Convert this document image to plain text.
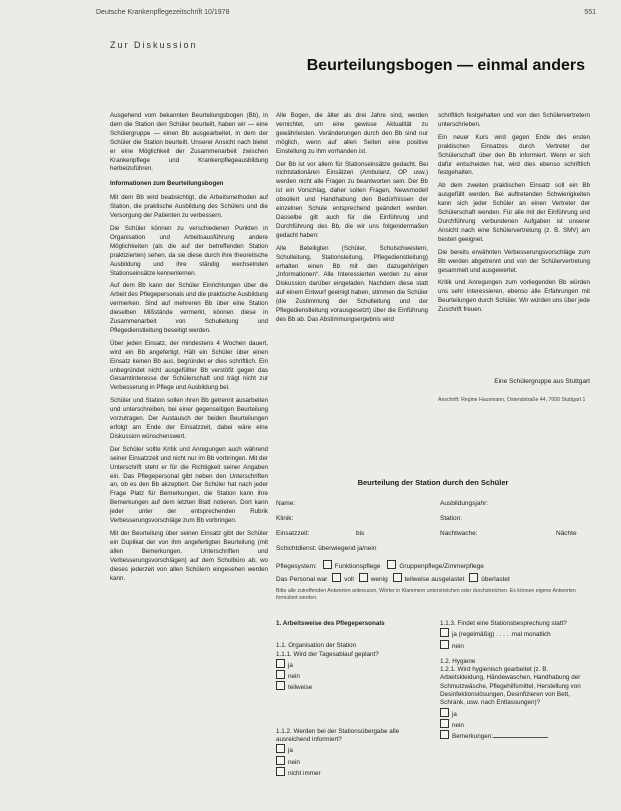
Deutsche Krankenpflegezeitschrift 10/1978	551
Zur Diskussion
Beurteilungsbogen — einmal anders

Ausgehend vom bekannten Beurteilungsbogen (Bb), in dem die Station den Schüler beurteilt, haben wir — eine Schülergruppe — einen Bb ausgearbeitet, in dem der Schüler die Station beurteilt. Unserer Ansicht nach bietet er eine Möglichkeit der Zusammenarbeit zwischen Krankenpflege und Krankenpflegeausbildung herbeizuführen.

Informationen zum Beurteilungsbogen

Mit dem Bb wird beabsichtigt, die Arbeitsmethoden auf Station, die praktische Ausbildung des Schülers und die Versorgung der Patienten zu verbessern.

Die Schüler können zu verschiedenen Punkten in Organisation und Arbeitsausführung andere Möglichkeiten (als die auf der betreffenden Station praktizierten) sehen, da sie diese durch ihre theoretische Ausbildung und ihre ständig wechselnden Stationseinsätze kennenlernen.

Auf dem Bb kann der Schüler Einrichtungen über die Arbeit des Pflegepersonals und die praktische Ausbildung vermerken. Sind auf mehreren Bb über eine Station dieselben Mißstände vermerkt, können diese in Zusammenarbeit von Schulleitung und Pflegedienstleitung beseitigt werden.

Über jeden Einsatz, der mindestens 4 Wochen dauert, wird ein Bb angefertigt. Hält ein Schüler über einen Einsatz keinen Bb aus, begründet er dies schriftlich. Ein unbegründet nicht ausgefüllter Bb verstößt gegen das Gesamtinteresse der Schülerschaft und trägt nicht zur Verbesserung in Pflege und Ausbildung bei.

Schüler und Station sollen ihren Bb getrennt ausarbeiten und unterschreiben, bei einer gegenseitigen Beurteilung vorzutragen. Der Austausch der beiden Beurteilungen erfolgt am Ende der Einsatzzeit, dabei wäre eine Diskussion wünschenswert.

Der Schüler sollte Kritik und Anregungen auch während seiner Einsatzzeit und nicht nur im Bb vorbringen. Mit der Unterschrift steht er für die Richtigkeit seiner Angaben ein. Das Pflegepersonal gibt neben den Unterschriften an, ob es den Bb akzeptiert. Der Schüler hat nach jeder Frage Platz für Bemerkungen, die Station kann ihre Bemerkungen auf dem letzten Blatt notieren. Dort kann jeder unter der entsprechenden Rubrik Verbesserungsvorschläge zum Bb vorbringen.

Mit der Beurteilung über seinen Einsatz gibt der Schüler ein Duplikat der von ihm angefertigten Beurteilung (mit allen Bemerkungen, Unterschriften und Verbesserungsvorschlägen) auf dem Schulbüro ab, wo dieses jederzeit von allen Schülern eingesehen werden kann.

Alle Bogen, die älter als drei Jahre sind, werden vernichtet, um eine gewisse Aktualität zu gewährleisten. Veränderungen durch den Bb sind nur möglich, wenn auf allen Seiten eine positive Einstellung zu ihm vorhanden ist.

Der Bb ist vor allem für Stationseinsätze gedacht. Bei nichtstationären Einsätzen (Ambulanz, OP usw.) werden nicht alle Fragen zu beantworten sein. Der Bb ist ein Vorschlag, daher sollen Fragen, Newsmodell obsoliert und Handhabung den Bedürfnissen der einzelnen Schule entsprechend geändert werden. Dasselbe gilt auch für die Einführung und Durchführung des Bb, die wir uns folgendermaßen gedacht haben:

Alle Beteiligten (Schüler, Schulschwestern, Schulleitung, Stationsleitung, Pflegedienstleitung) erhalten einen Bb mit den dazugehörigen „Informationen“. Alle Interessierten werden zu einer Diskussion darüber eingeladen. Nachdem diese statt auf einem Entwurf geeinigt haben, stimmen die Schüler (die Zustimmung der Schulleitung und der Pflegedienstleitung vorausgesetzt) über die Einführung des Bb ab. Das Abstimmungsergebnis wird

schriftlich festgehalten und von den Schülervertretern unterschrieben.

Ein neuer Kurs wird gegen Ende des ersten praktischen Einsatzes durch Vertreter der Schülerschaft über den Bb informiert. Wenn er sich dafür entscheiden hat, wird dies ebenso schriftlich festgehalten.

Ab dem zweiten praktischen Einsatz soll ein Bb ausgefüllt werden. Bei auftretenden Schwierigkeiten kann sich jeder Schüler an einen Vertreter der Schülerschaft wenden. Für alle mit der Einführung und Durchführung verbundenen Aufgaben ist unserer Ansicht nach eine Schülervertretung (z. B. SMV) am besten geeignet.

Die bereits erwähnten Verbesserungsvorschläge zum Bb werden abgetrennt und von der Schülervertretung gesammelt und ausgewertet.

Kritik und Anregungen zum vorliegenden Bb würden uns sehr interessieren, ebenso alle Erfahrungen mit Beurteilungen durch Schüler. Wir würden uns über jede Zuschrift freuen.

Eine Schülergruppe aus Stuttgart
Anschrift: Regine Hausmann, Ostendstraße 44, 7000 Stuttgart 1
Beurteilung der Station durch den Schüler
Name:	Ausbildungsjahr:
Klinik:	Station:
Einsatzzeit:	bis	Nachtwache:	Nächte
Schichtdienst: überwiegend ja/nein
Pflegesystem:	Funktionspflege	Gruppenpflege/Zimmerpflege
Das Personal war	voll	wenig	teilweise ausgelastet	überlastet
Bitte alle zutreffenden Antworten ankreuzen, Wörter in Klammern unterstreichen oder durchstreichen. Es können eigene Antworten formuliert werden.
1. Arbeitsweise des Pflegepersonals
1.1. Organisation der Station
1.1.1. Wird der Tagesablauf geplant?
ja
nein
teilweise
1.1.2. Werden bei der Stationsübergabe alle ausreichend informiert?
ja
nein
nicht immer
1.1.3. Findet eine Stationsbesprechung statt?
ja (regelmäßig) . . . . .mal monatlich
nein
1.2. Hygiene
1.2.1. Wird hygienisch gearbeitet (z. B. Arbeitskleidung, Händewaschen, Handhabung der Schmutzwäsche, Pflegehilfsmittel, Herstellung von Desinfektionslösungen, Desinfizieren von Bett, Schrank, usw. nach Entlassungen)?
ja
nein
Bemerkungen:
